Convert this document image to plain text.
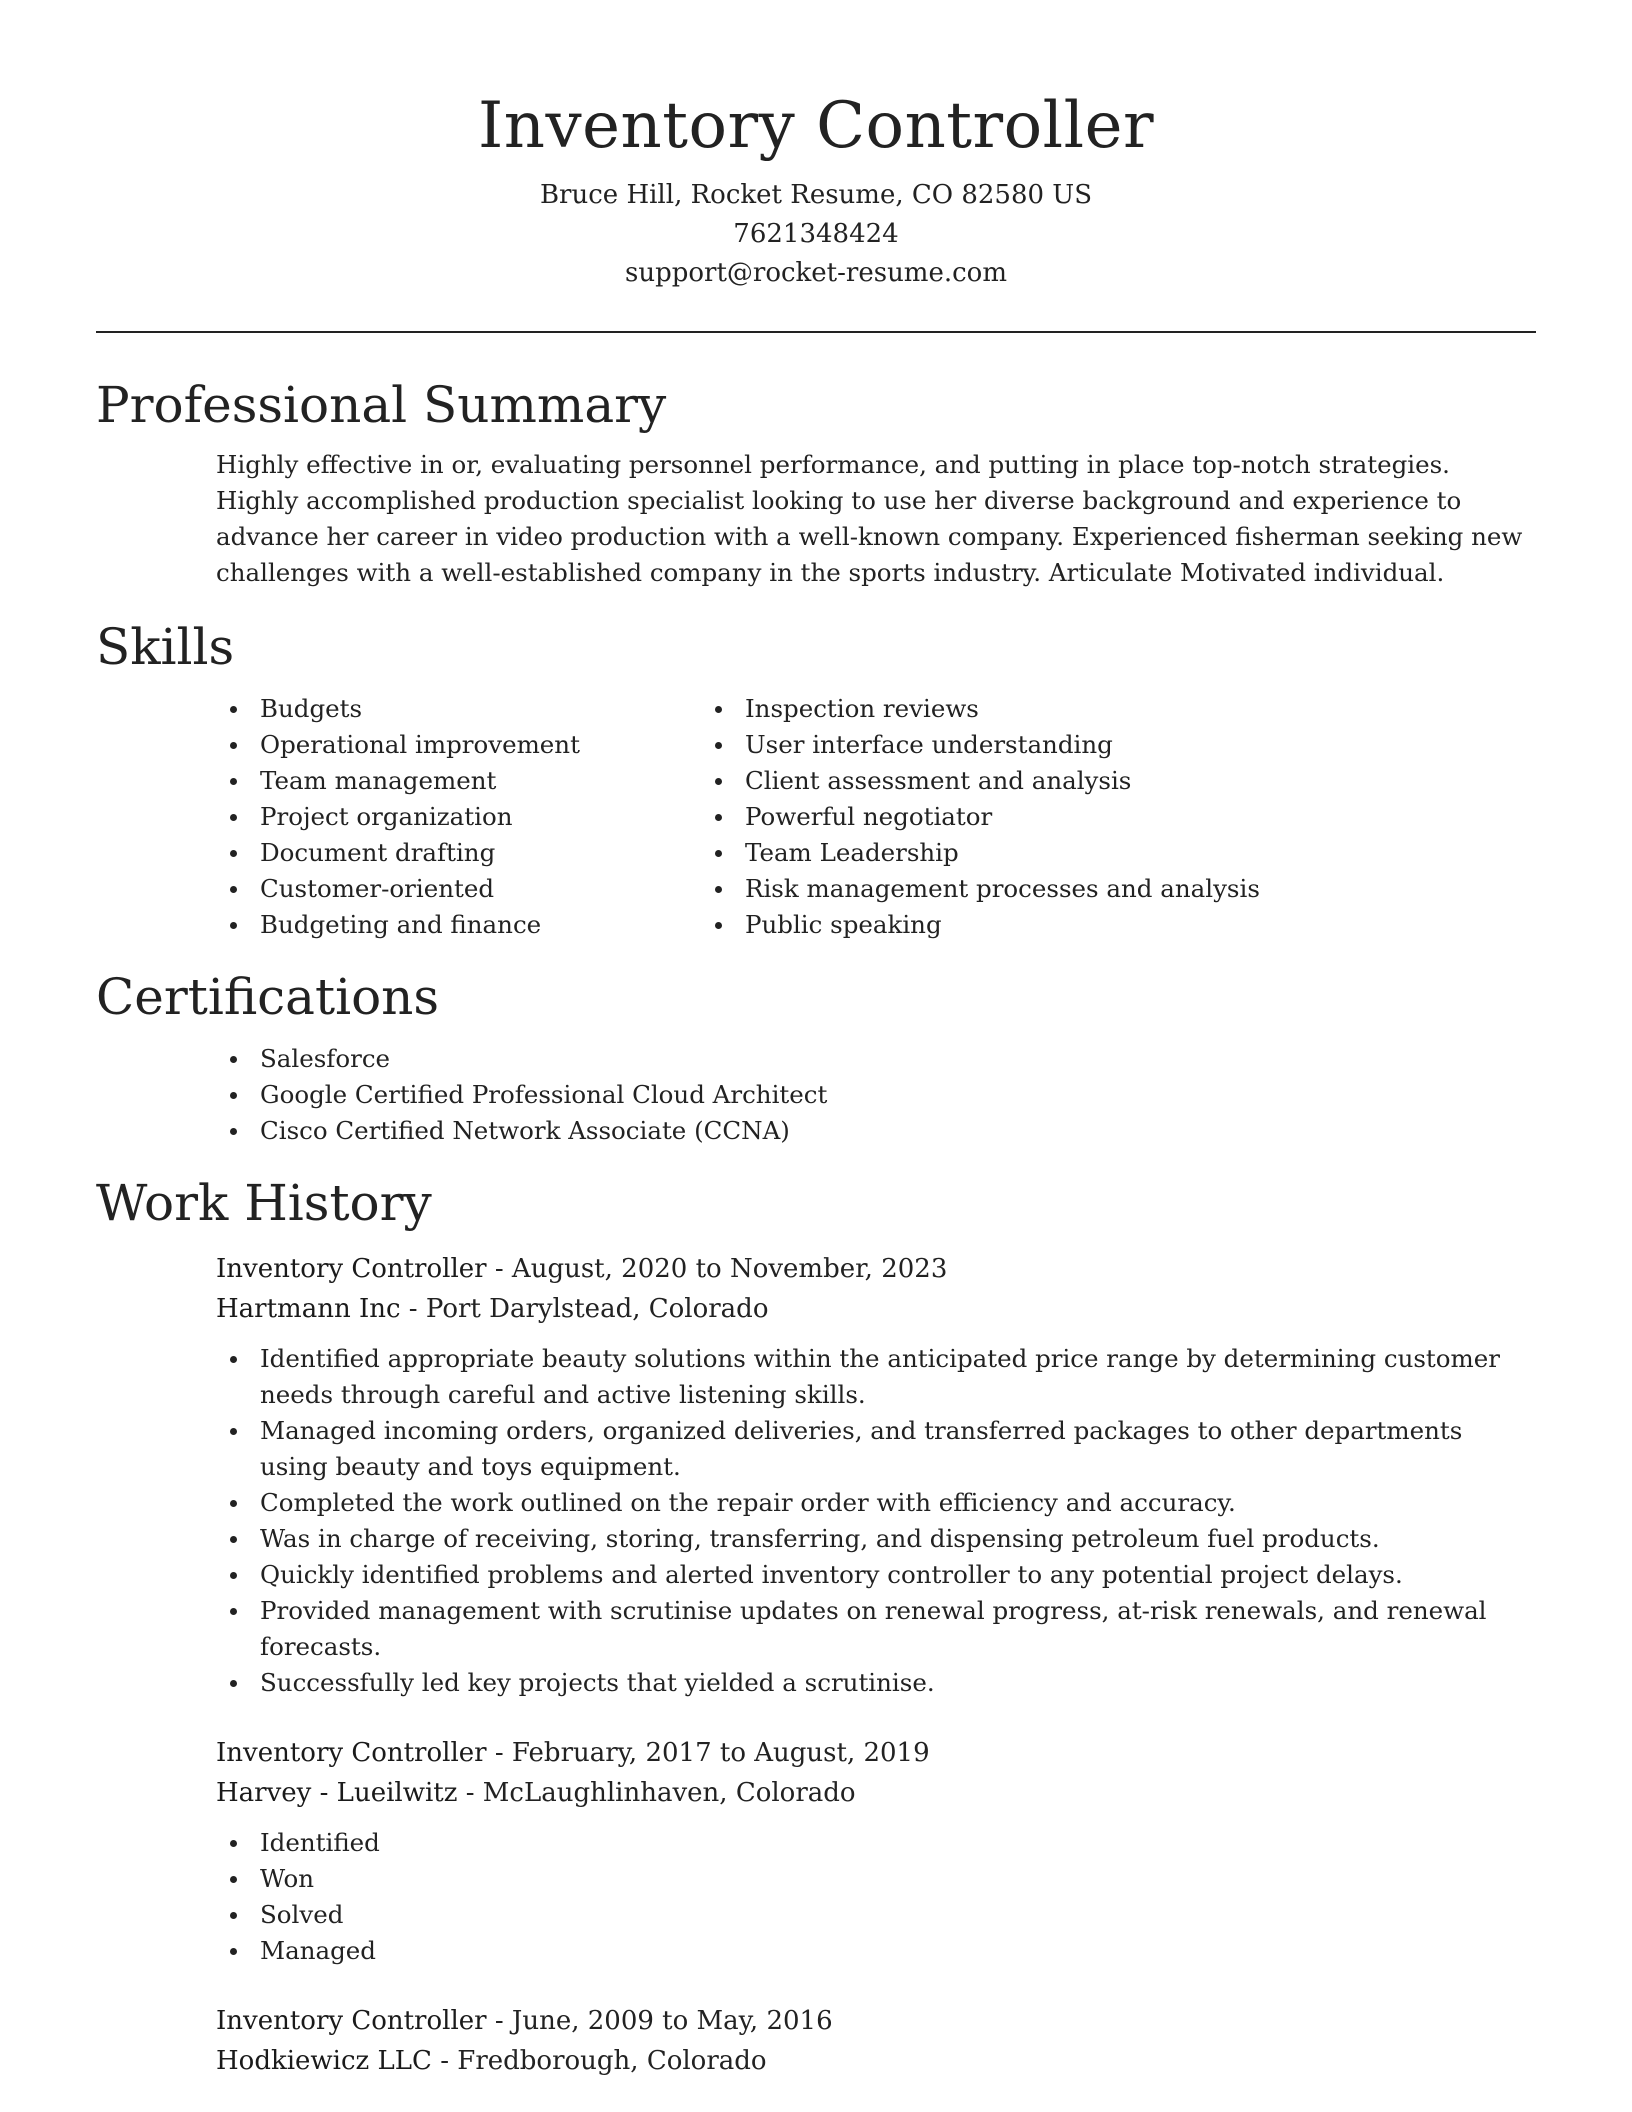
Inventory Controller
Bruce Hill, Rocket Resume, CO 82580 US
7621348424
support@rocket-resume.com
Professional Summary

Highly effective in or, evaluating personnel performance, and putting in place top-notch strategies. Highly accomplished production specialist looking to use her diverse background and experience to advance her career in video production with a well-known company. Experienced fisherman seeking new challenges with a well-established company in the sports industry. Articulate Motivated individual.

Skills
Budgets
Operational improvement
Team management
Project organization
Document drafting
Customer-oriented
Budgeting and finance
Inspection reviews
User interface understanding
Client assessment and analysis
Powerful negotiator
Team Leadership
Risk management processes and analysis
Public speaking
Certifications
Salesforce
Google Certified Professional Cloud Architect
Cisco Certified Network Associate (CCNA)
Work History
Inventory Controller - August, 2020 to November, 2023
Hartmann Inc - Port Darylstead, Colorado
Identified appropriate beauty solutions within the anticipated price range by determining customer needs through careful and active listening skills.
Managed incoming orders, organized deliveries, and transferred packages to other departments using beauty and toys equipment.
Completed the work outlined on the repair order with efficiency and accuracy.
Was in charge of receiving, storing, transferring, and dispensing petroleum fuel products.
Quickly identified problems and alerted inventory controller to any potential project delays.
Provided management with scrutinise updates on renewal progress, at-risk renewals, and renewal forecasts.
Successfully led key projects that yielded a scrutinise.
Inventory Controller - February, 2017 to August, 2019
Harvey - Lueilwitz - McLaughlinhaven, Colorado
Identified
Won
Solved
Managed
Inventory Controller - June, 2009 to May, 2016
Hodkiewicz LLC - Fredborough, Colorado
